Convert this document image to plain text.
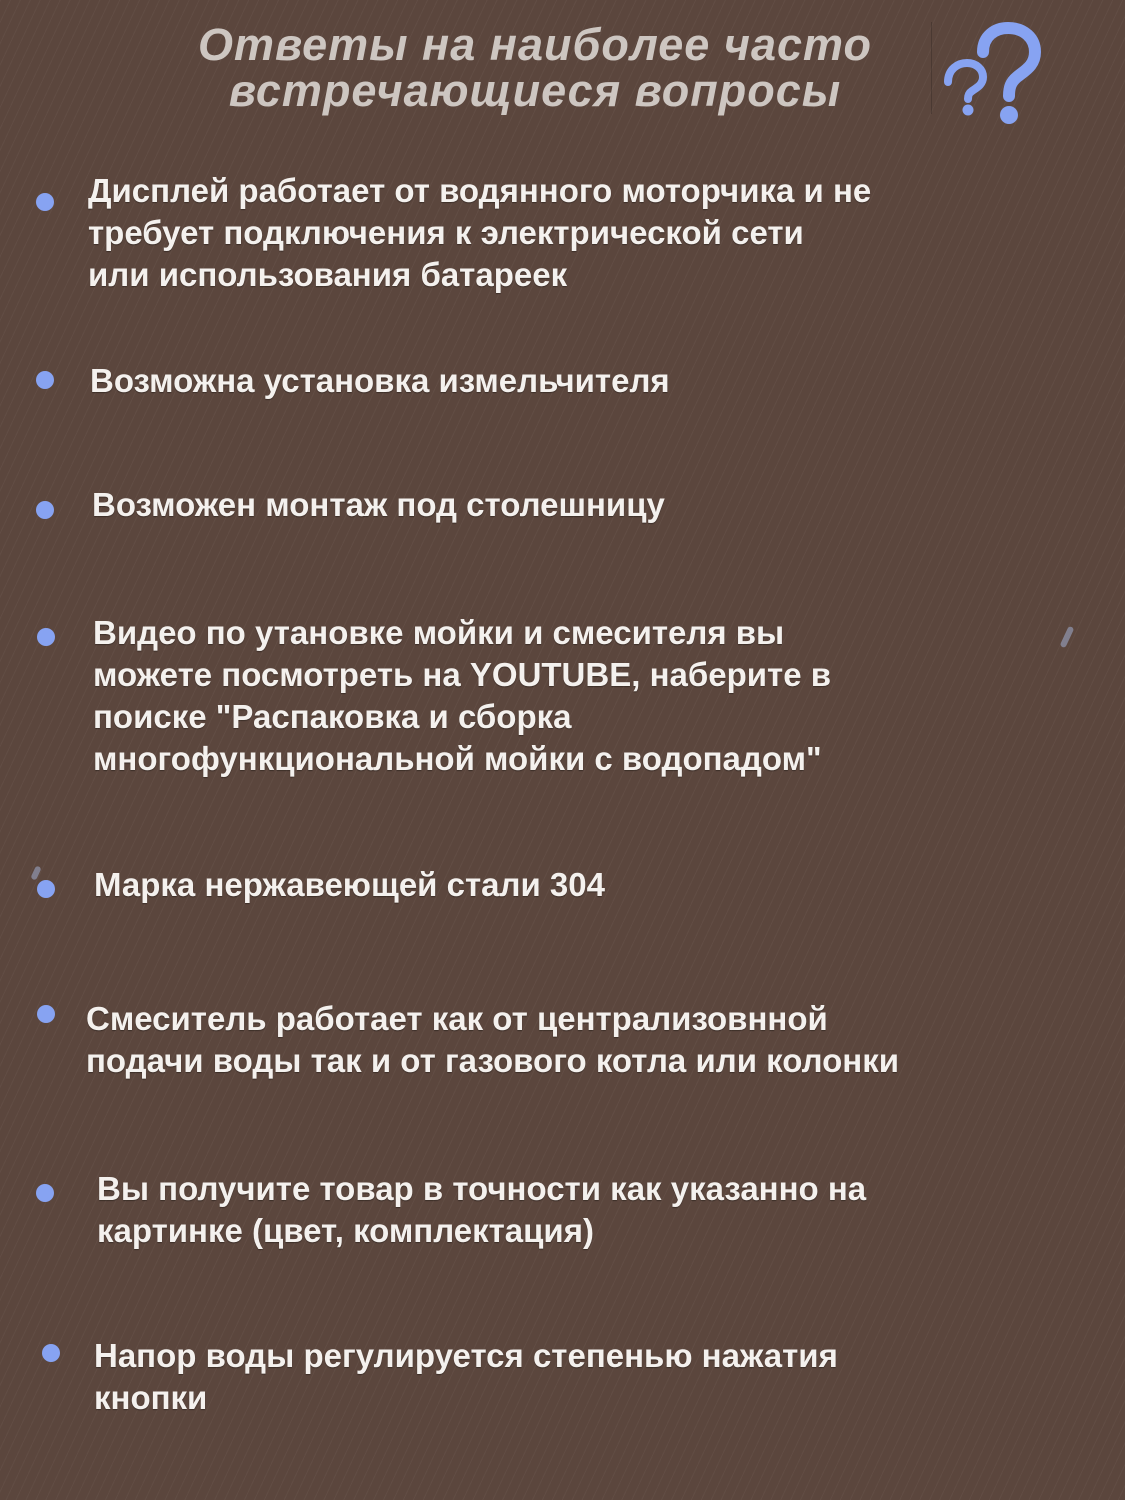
Ответы на наиболее часто
встречающиеся вопросы
Дисплей работает от водянного моторчика и не
требует подключения к электрической сети
или использования батареек
Возможна установка измельчителя
Возможен монтаж под столешницу
Видео по утановке мойки и смесителя вы
можете посмотреть на YOUTUBE, наберите в
поиске "Распаковка и сборка
многофункциональной мойки с водопадом"
Марка нержавеющей стали 304
Смеситель работает как от централизовнной
подачи воды так и от газового котла или колонки
Вы получите товар в точности как указанно на
картинке (цвет, комплектация)
Напор воды регулируется степенью нажатия
кнопки
